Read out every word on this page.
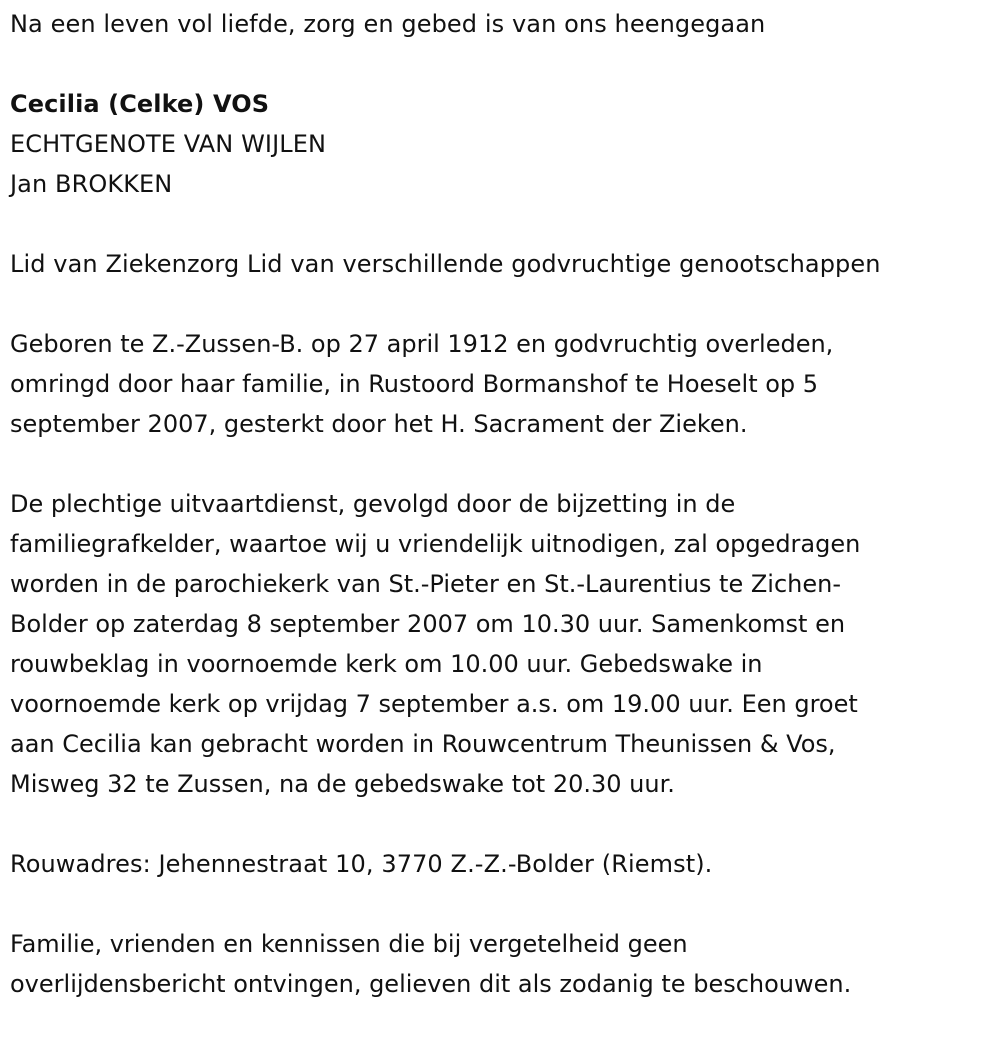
Na een leven vol liefde, zorg en gebed is van ons heengegaan

Cecilia (Celke) VOS

ECHTGENOTE VAN WIJLEN

Jan BROKKEN

Lid van Ziekenzorg Lid van verschillende godvruchtige genootschappen

Geboren te Z.-Zussen-B. op 27 april 1912 en godvruchtig overleden,
omringd door haar familie, in Rustoord Bormanshof te Hoeselt op 5
september 2007, gesterkt door het H. Sacrament der Zieken.
De plechtige uitvaartdienst, gevolgd door de bijzetting in de
familiegrafkelder, waartoe wij u vriendelijk uitnodigen, zal opgedragen
worden in de parochiekerk van St.-Pieter en St.-Laurentius te Zichen-
Bolder op zaterdag 8 september 2007 om 10.30 uur. Samenkomst en
rouwbeklag in voornoemde kerk om 10.00 uur. Gebedswake in
voornoemde kerk op vrijdag 7 september a.s. om 19.00 uur. Een groet
aan Cecilia kan gebracht worden in Rouwcentrum Theunissen & Vos,
Misweg 32 te Zussen, na de gebedswake tot 20.30 uur.

Rouwadres: Jehennestraat 10, 3770 Z.-Z.-Bolder (Riemst).

Familie, vrienden en kennissen die bij vergetelheid geen
overlijdensbericht ontvingen, gelieven dit als zodanig te beschouwen.
